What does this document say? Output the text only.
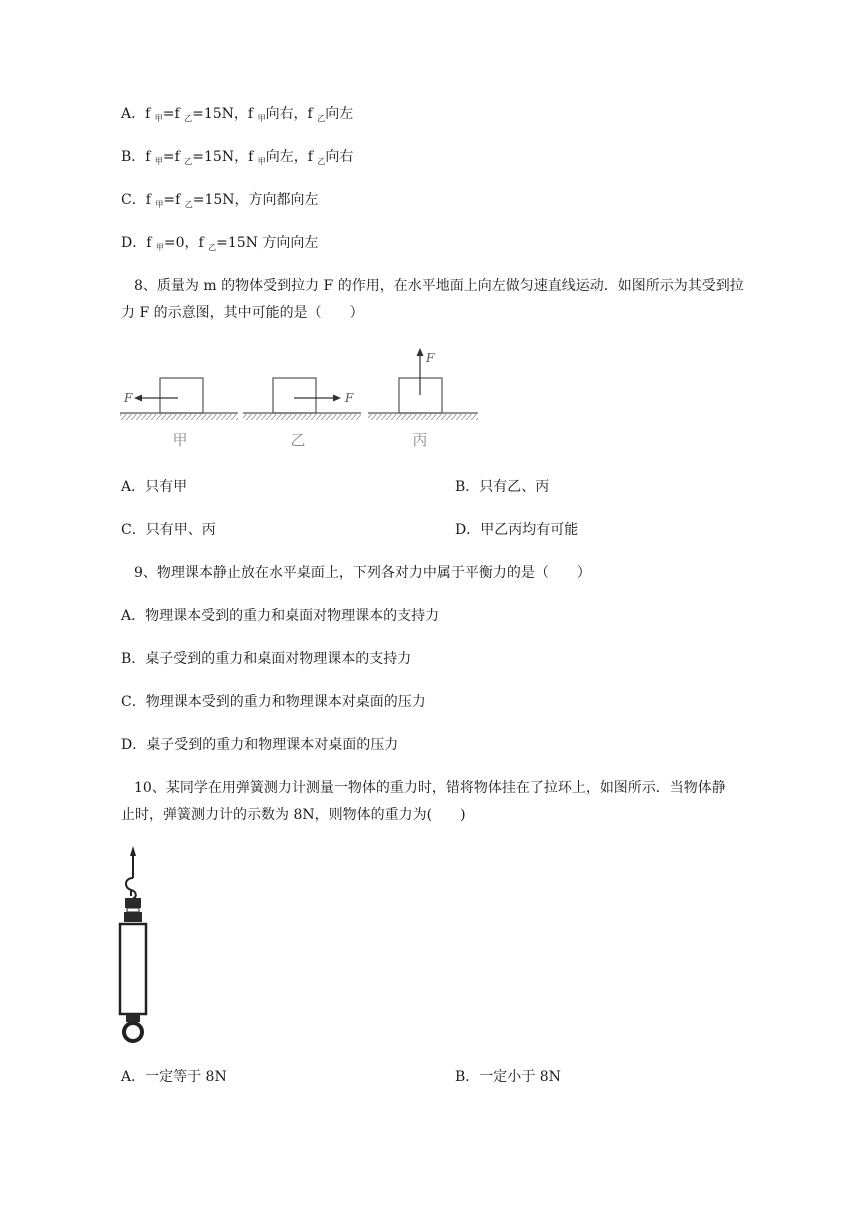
A．f $_甲$=f $_乙$=15N，f $_甲$向右，f $_乙$向左
B．f $_甲$=f $_乙$=15N，f $_甲$向左，f $_乙$向右
C．f $_甲$=f $_乙$=15N，方向都向左
D．f $_甲$=0，f $_乙$=15N 方向向左
8、质量为 m 的物体受到拉力 F 的作用，在水平地面上向左做匀速直线运动．如图所示为其受到拉
力 F 的示意图，其中可能的是（　　）
F
甲
F
乙
F
丙
A．只有甲	B．只有乙、丙
C．只有甲、丙	D．甲乙丙均有可能
9、物理课本静止放在水平桌面上，下列各对力中属于平衡力的是（　　）
A．物理课本受到的重力和桌面对物理课本的支持力
B．桌子受到的重力和桌面对物理课本的支持力
C．物理课本受到的重力和物理课本对桌面的压力
D．桌子受到的重力和物理课本对桌面的压力
10、某同学在用弹簧测力计测量一物体的重力时，错将物体挂在了拉环上，如图所示．当物体静
止时，弹簧测力计的示数为 8N，则物体的重力为(　　)
A．一定等于 8N	B．一定小于 8N
